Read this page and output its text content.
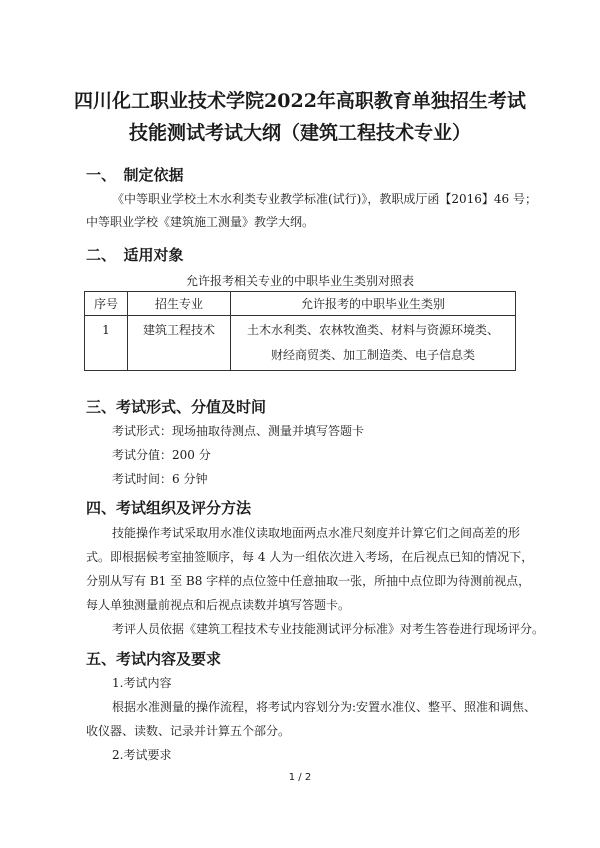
四川化工职业技术学院2022年高职教育单独招生考试
技能测试考试大纲（建筑工程技术专业）
一、　制定依据
《中等职业学校土木水利类专业教学标准(试行)》，教职成厅函【2016】46 号；
中等职业学校《建筑施工测量》教学大纲。
二、　适用对象
允许报考相关专业的中职毕业生类别对照表
序号	招生专业	允许报考的中职毕业生类别
1	建筑工程技术	土木水利类、农林牧渔类、材料与资源环境类、
财经商贸类、加工制造类、电子信息类
三、考试形式、分值及时间
考试形式：现场抽取待测点、测量并填写答题卡
考试分值：200 分
考试时间：6 分钟
四、考试组织及评分方法
技能操作考试采取用水准仪读取地面两点水准尺刻度并计算它们之间高差的形
式。即根据候考室抽签顺序，每 4 人为一组依次进入考场，在后视点已知的情况下，
分别从写有 B1 至 B8 字样的点位签中任意抽取一张，所抽中点位即为待测前视点，
每人单独测量前视点和后视点读数并填写答题卡。
考评人员依据《建筑工程技术专业技能测试评分标准》对考生答卷进行现场评分。
五、考试内容及要求
1.考试内容
根据水准测量的操作流程，将考试内容划分为:安置水准仪、整平、照准和调焦、
收仪器、读数、记录并计算五个部分。
2.考试要求
1 / 2
